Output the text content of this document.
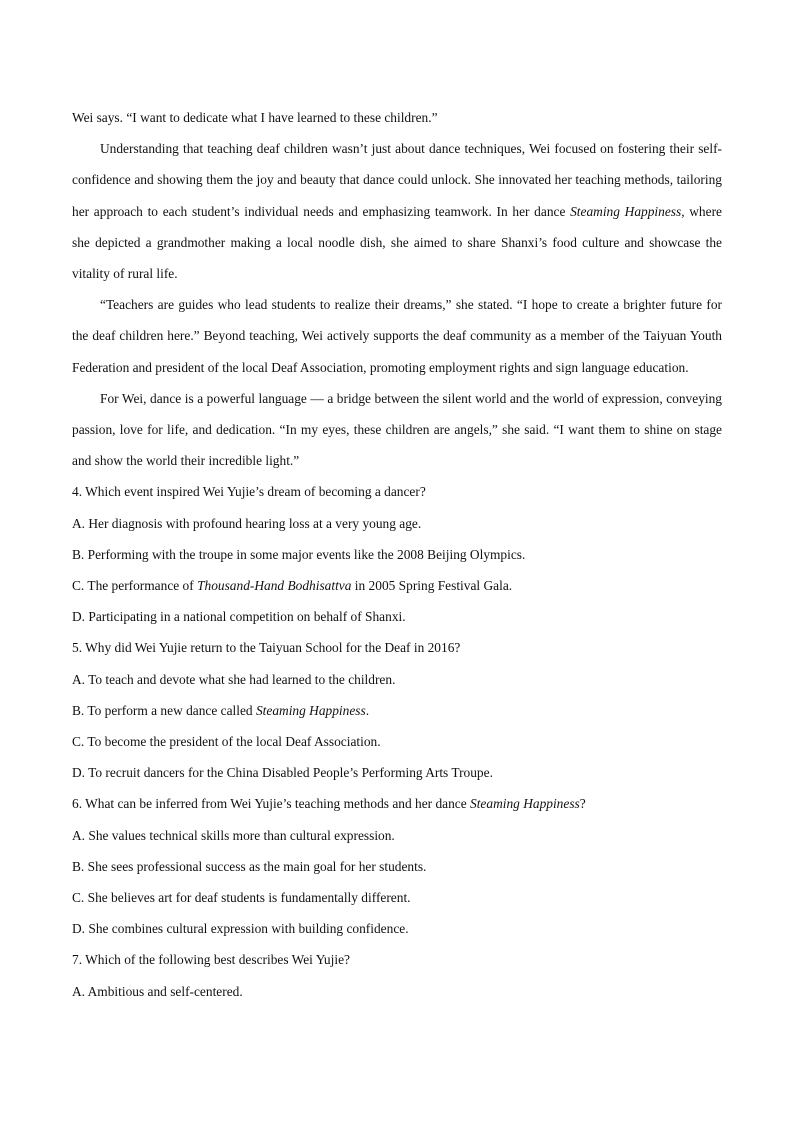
Wei says. “I want to dedicate what I have learned to these children.”

Understanding that teaching deaf children wasn’t just about dance techniques, Wei focused on fostering their self-confidence and showing them the joy and beauty that dance could unlock. She innovated her teaching methods, tailoring her approach to each student’s individual needs and emphasizing teamwork. In her dance Steaming Happiness, where she depicted a grandmother making a local noodle dish, she aimed to share Shanxi’s food culture and showcase the vitality of rural life.

“Teachers are guides who lead students to realize their dreams,” she stated. “I hope to create a brighter future for the deaf children here.” Beyond teaching, Wei actively supports the deaf community as a member of the Taiyuan Youth Federation and president of the local Deaf Association, promoting employment rights and sign language education.

For Wei, dance is a powerful language — a bridge between the silent world and the world of expression, conveying passion, love for life, and dedication. “In my eyes, these children are angels,” she said. “I want them to shine on stage and show the world their incredible light.”

4. Which event inspired Wei Yujie’s dream of becoming a dancer?

A. Her diagnosis with profound hearing loss at a very young age.

B. Performing with the troupe in some major events like the 2008 Beijing Olympics.

C. The performance of Thousand-Hand Bodhisattva in 2005 Spring Festival Gala.

D. Participating in a national competition on behalf of Shanxi.

5. Why did Wei Yujie return to the Taiyuan School for the Deaf in 2016?

A. To teach and devote what she had learned to the children.

B. To perform a new dance called Steaming Happiness.

C. To become the president of the local Deaf Association.

D. To recruit dancers for the China Disabled People’s Performing Arts Troupe.

6. What can be inferred from Wei Yujie’s teaching methods and her dance Steaming Happiness?

A. She values technical skills more than cultural expression.

B. She sees professional success as the main goal for her students.

C. She believes art for deaf students is fundamentally different.

D. She combines cultural expression with building confidence.

7. Which of the following best describes Wei Yujie?

A. Ambitious and self-centered.
